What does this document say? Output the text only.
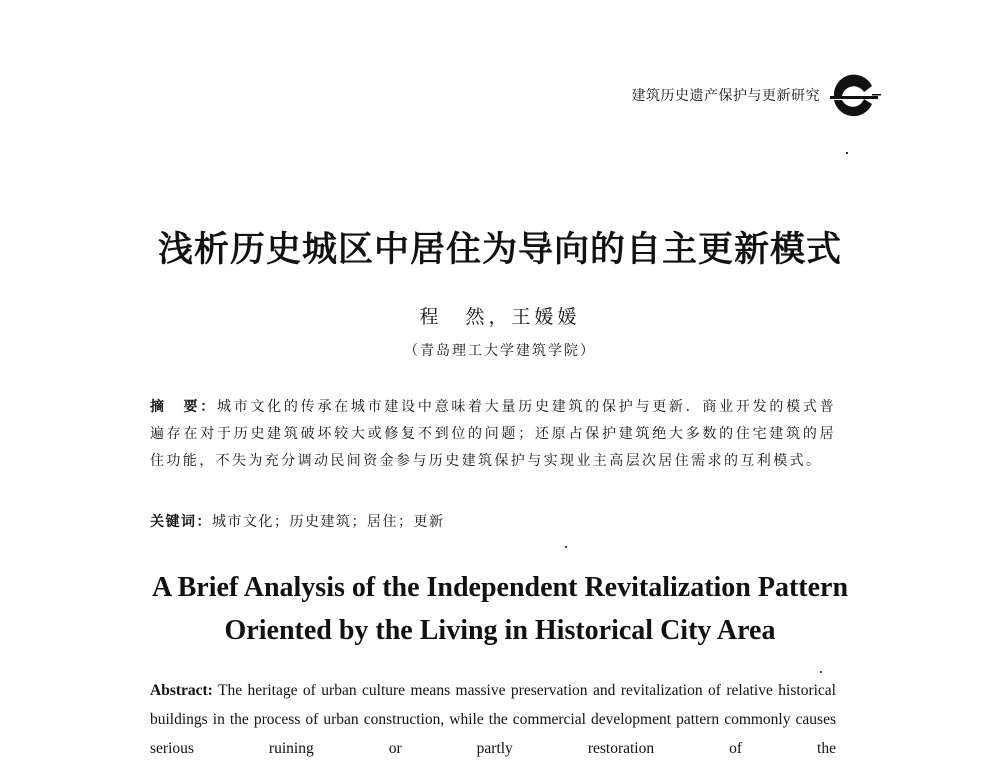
建筑历史遗产保护与更新研究
浅析历史城区中居住为导向的自主更新模式
程　然，王媛媛
（青岛理工大学建筑学院）
摘　要：城市文化的传承在城市建设中意味着大量历史建筑的保护与更新．商业开发的模式普遍存在对于历史建筑破坏较大或修复不到位的问题；还原占保护建筑绝大多数的住宅建筑的居住功能，不失为充分调动民间资金参与历史建筑保护与实现业主高层次居住需求的互利模式。
关键词：城市文化；历史建筑；居住；更新
A Brief Analysis of the Independent Revitalization Pattern
Oriented by the Living in Historical City Area
Abstract: The heritage of urban culture means massive preservation and revitalization of relative historical buildings in the process of urban construction, while the commercial development pattern commonly causes serious ruining or partly restoration of the
